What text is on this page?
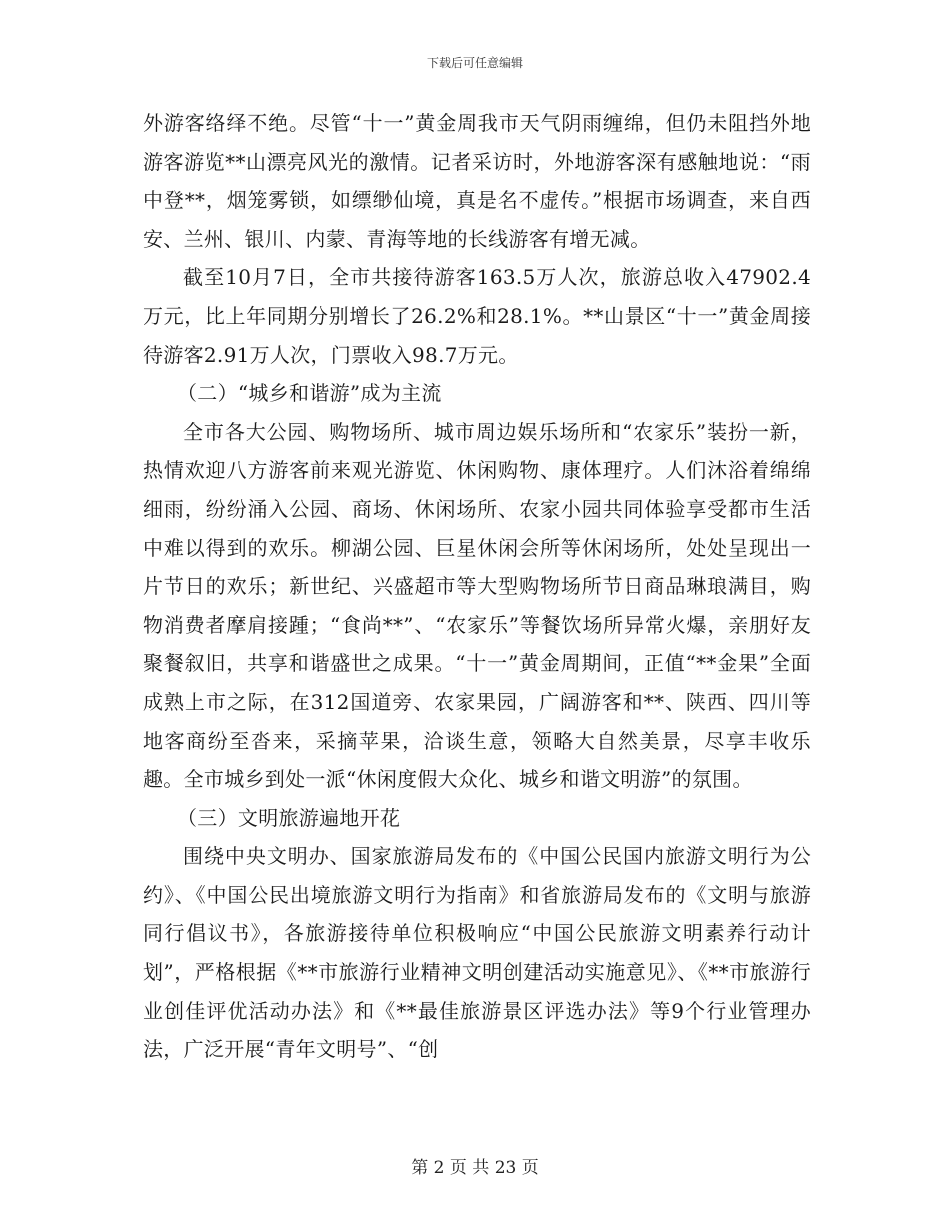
下载后可任意编辑

外游客络绎不绝。尽管“十一”黄金周我市天气阴雨缠绵，但仍未阻挡外地游客游览**山漂亮风光的激情。记者采访时，外地游客深有感触地说：“雨中登**，烟笼雾锁，如缥缈仙境，真是名不虚传。”根据市场调查，来自西安、兰州、银川、内蒙、青海等地的长线游客有增无减。

截至10月7日，全市共接待游客163.5万人次，旅游总收入47902.4万元，比上年同期分别增长了26.2%和28.1%。**山景区“十一”黄金周接待游客2.91万人次，门票收入98.7万元。

（二）“城乡和谐游”成为主流

全市各大公园、购物场所、城市周边娱乐场所和“农家乐”装扮一新，热情欢迎八方游客前来观光游览、休闲购物、康体理疗。人们沐浴着绵绵细雨，纷纷涌入公园、商场、休闲场所、农家小园共同体验享受都市生活中难以得到的欢乐。柳湖公园、巨星休闲会所等休闲场所，处处呈现出一片节日的欢乐；新世纪、兴盛超市等大型购物场所节日商品琳琅满目，购物消费者摩肩接踵；“食尚**”、“农家乐”等餐饮场所异常火爆，亲朋好友聚餐叙旧，共享和谐盛世之成果。“十一”黄金周期间，正值“**金果”全面成熟上市之际，在312国道旁、农家果园，广阔游客和**、陕西、四川等地客商纷至沓来，采摘苹果，洽谈生意，领略大自然美景，尽享丰收乐趣。全市城乡到处一派“休闲度假大众化、城乡和谐文明游”的氛围。

（三）文明旅游遍地开花

围绕中央文明办、国家旅游局发布的《中国公民国内旅游文明行为公约》、《中国公民出境旅游文明行为指南》和省旅游局发布的《文明与旅游同行倡议书》，各旅游接待单位积极响应“中国公民旅游文明素养行动计划”，严格根据《**市旅游行业精神文明创建活动实施意见》、《**市旅游行业创佳评优活动办法》和《**最佳旅游景区评选办法》等9个行业管理办法，广泛开展“青年文明号”、“创

第 2 页 共 23 页
